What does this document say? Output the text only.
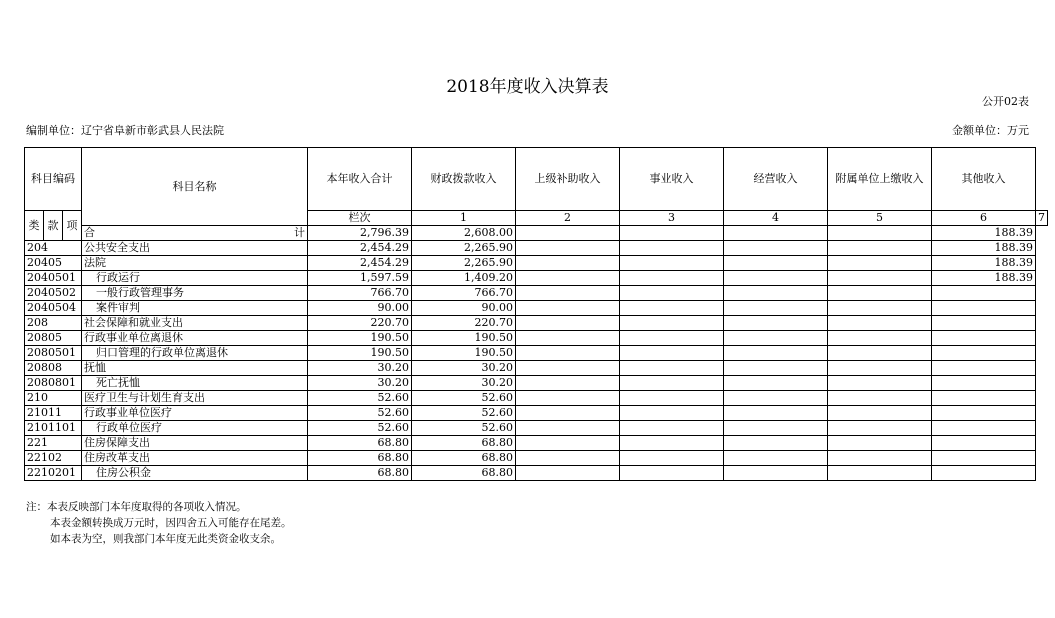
2018年度收入决算表
公开02表
编制单位：辽宁省阜新市彰武县人民法院	金额单位：万元
科目编码			科目名称	本年收入合计	财政拨款收入	上级补助收入	事业收入	经营收入	附属单位上缴收入	其他收入	
类	款	项		栏次	1	2	3	4	5	6	7

			合 计	2,796.39	2,608.00					188.39	
204			公共安全支出	2,454.29	2,265.90					188.39	
20405			法院	2,454.29	2,265.90					188.39	
2040501			行政运行	1,597.59	1,409.20					188.39	
2040502			一般行政管理事务	766.70	766.70						
2040504			案件审判	90.00	90.00						
208			社会保障和就业支出	220.70	220.70						
20805			行政事业单位离退休	190.50	190.50						
2080501			归口管理的行政单位离退休	190.50	190.50						
20808			抚恤	30.20	30.20						
2080801			死亡抚恤	30.20	30.20						
210			医疗卫生与计划生育支出	52.60	52.60						
21011			行政事业单位医疗	52.60	52.60						
2101101			行政单位医疗	52.60	52.60						
221			住房保障支出	68.80	68.80						
22102			住房改革支出	68.80	68.80						
2210201			住房公积金	68.80	68.80						
注：本表反映部门本年度取得的各项收入情况。
本表金额转换成万元时，因四舍五入可能存在尾差。
如本表为空，则我部门本年度无此类资金收支余。
